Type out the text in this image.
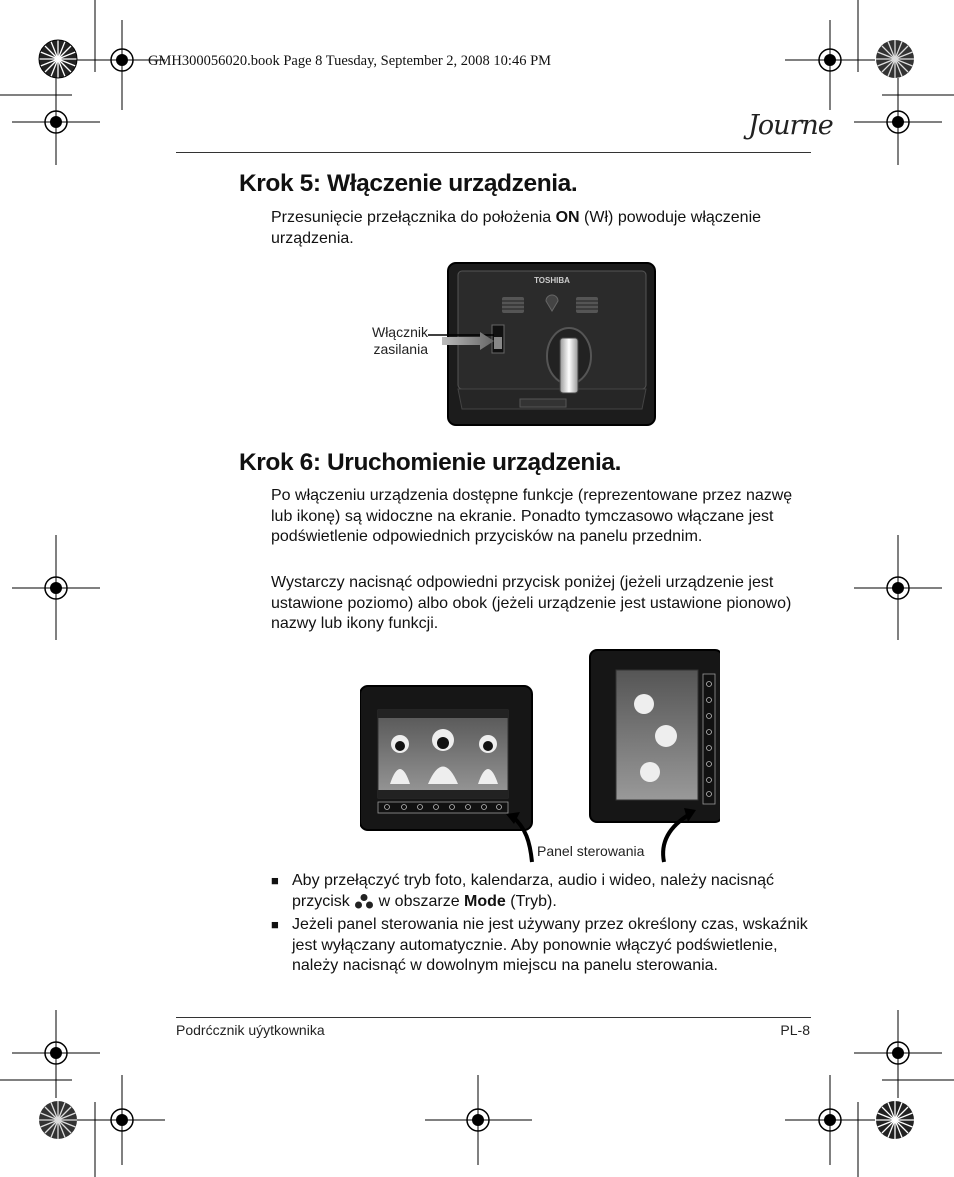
GMH300056020.book Page 8 Tuesday, September 2, 2008 10:46 PM
Journe
Krok 5: Włączenie urządzenia.

Przesunięcie przełącznika do położenia ON (Wł) powoduje włączenie urządzenia.

Włącznik
zasilania
TOSHIBA
Krok 6: Uruchomienie urządzenia.

Po włączeniu urządzenia dostępne funkcje (reprezentowane przez nazwę lub ikonę) są widoczne na ekranie. Ponadto tymczasowo włączane jest podświetlenie odpowiednich przycisków na panelu przednim.

Wystarczy nacisnąć odpowiedni przycisk poniżej (jeżeli urządzenie jest ustawione poziomo) albo obok (jeżeli urządzenie jest ustawione pionowo) nazwy lub ikony funkcji.

Panel sterowania
■ Aby przełączyć tryb foto, kalendarza, audio i wideo, należy nacisnąć przycisk  w obszarze Mode (Tryb).
■ Jeżeli panel sterowania nie jest używany przez określony czas, wskaźnik jest wyłączany automatycznie. Aby ponownie włączyć podświetlenie, należy nacisnąć w dowolnym miejscu na panelu sterowania.
Podrćcznik uýytkownika	PL-8
